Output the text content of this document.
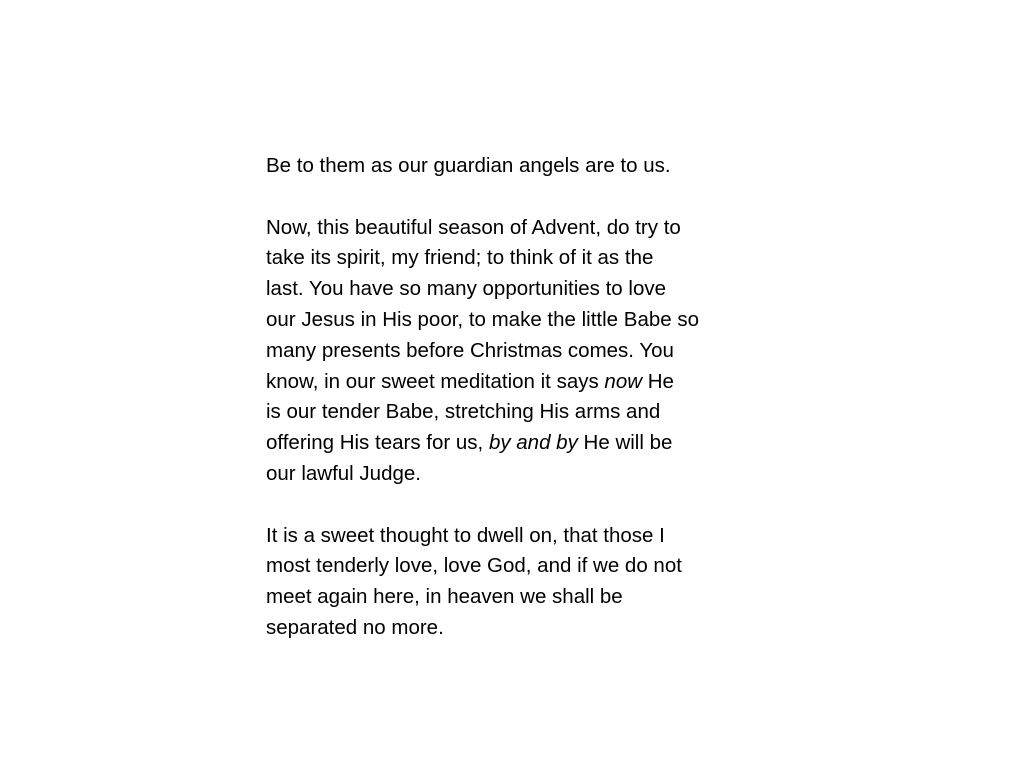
Be to them as our guardian angels are to us.
Now, this beautiful season of Advent, do try to
take its spirit, my friend; to think of it as the
last. You have so many opportunities to love
our Jesus in His poor, to make the little Babe so
many presents before Christmas comes. You
know, in our sweet meditation it says now He
is our tender Babe, stretching His arms and
offering His tears for us, by and by He will be
our lawful Judge.
It is a sweet thought to dwell on, that those I
most tenderly love, love God, and if we do not
meet again here, in heaven we shall be
separated no more.
